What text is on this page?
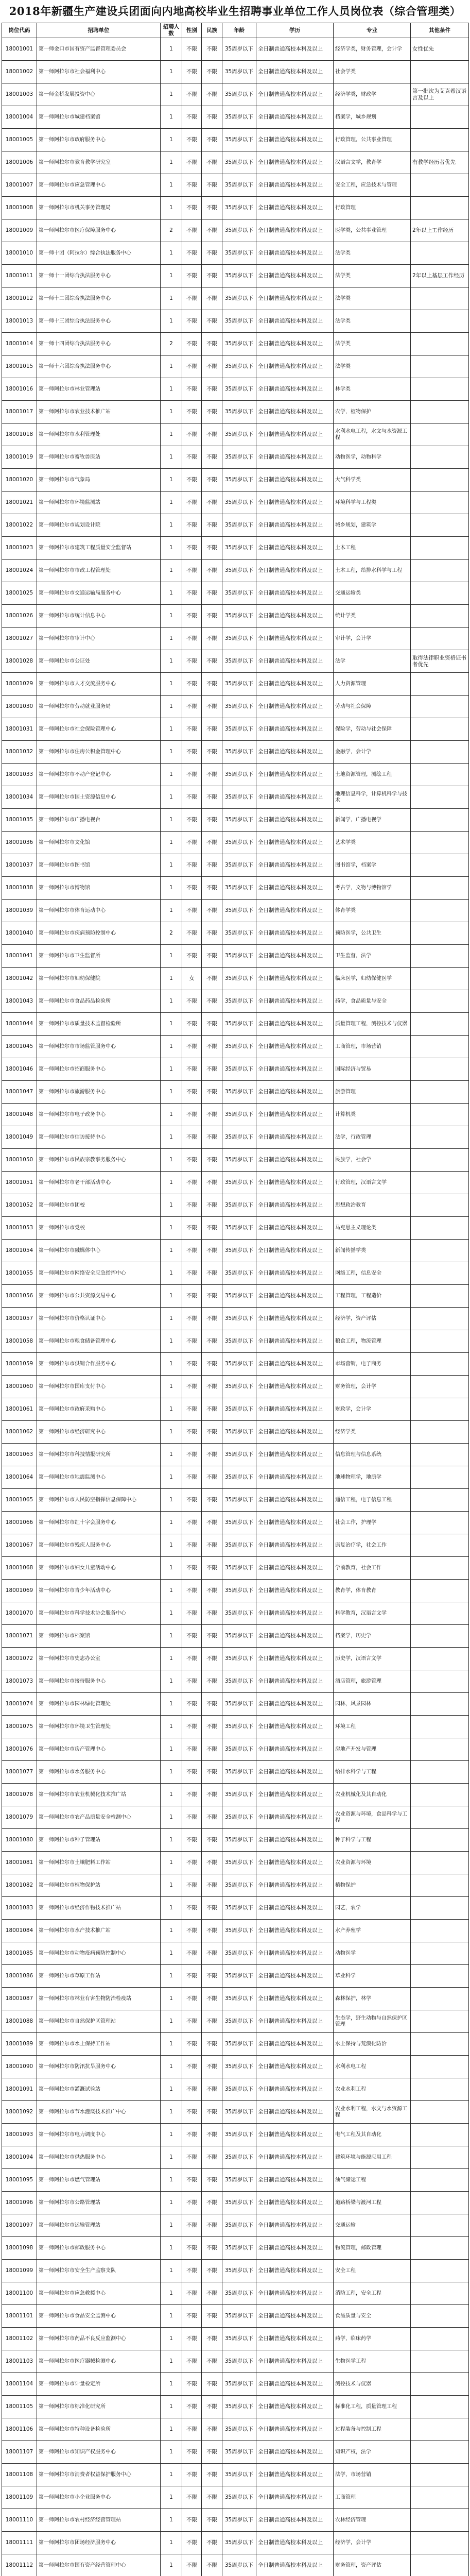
2018年新疆生产建设兵团面向内地高校毕业生招聘事业单位工作人员岗位表（综合管理类）
岗位代码	招聘单位	招聘人数	性别	民族	年龄	学历	专业	其他条件
18001001	第一师金口市国有资产监督管理委员会	1	不限	不限	35周岁以下	全日制普通高校本科及以上	经济学类，财务管理，会计学	女性优先
18001002	第一师阿拉尔市社会福利中心	1	不限	不限	35周岁以下	全日制普通高校本科及以上	社会学类	
18001003	第一师金桥发展投资中心	1	不限	不限	35周岁以下	全日制普通高校本科及以上	经济学类，财政学	第一批次为艾克希汉语言及以上
18001004	第一师阿拉尔市城建档案馆	1	不限	不限	35周岁以下	全日制普通高校本科及以上	档案学，城乡规划	
18001005	第一师阿拉尔市政府服务中心	1	不限	不限	35周岁以下	全日制普通高校本科及以上	行政管理，公共事业管理	
18001006	第一师阿拉尔市教育教学研究室	1	不限	不限	35周岁以下	全日制普通高校本科及以上	汉语言文学，教育学	有教学经历者优先
18001007	第一师阿拉尔市应急管理中心	1	不限	不限	35周岁以下	全日制普通高校本科及以上	安全工程，应急技术与管理	
18001008	第一师阿拉尔市机关事务管理局	1	不限	不限	35周岁以下	全日制普通高校本科及以上	行政管理	
18001009	第一师阿拉尔市医疗保障服务中心	2	不限	不限	35周岁以下	全日制普通高校本科及以上	医学类，公共事业管理	2年以上工作经历
18001010	第一师十团（阿拉尔）综合执法服务中心	1	不限	不限	35周岁以下	全日制普通高校本科及以上	法学类	
18001011	第一师十一团综合执法服务中心	1	不限	不限	35周岁以下	全日制普通高校本科及以上	法学类	2年以上基层工作经历
18001012	第一师十二团综合执法服务中心	1	不限	不限	35周岁以下	全日制普通高校本科及以上	法学类	
18001013	第一师十三团综合执法服务中心	1	不限	不限	35周岁以下	全日制普通高校本科及以上	法学类	
18001014	第一师十四团综合执法服务中心	2	不限	不限	35周岁以下	全日制普通高校本科及以上	法学类	
18001015	第一师十六团综合执法服务中心	1	不限	不限	35周岁以下	全日制普通高校本科及以上	法学类	
18001016	第一师阿拉尔市林业管理站	1	不限	不限	35周岁以下	全日制普通高校本科及以上	林学类	
18001017	第一师阿拉尔市农业技术推广站	1	不限	不限	35周岁以下	全日制普通高校本科及以上	农学，植物保护	
18001018	第一师阿拉尔市水利管理处	1	不限	不限	35周岁以下	全日制普通高校本科及以上	水利水电工程，水文与水资源工程	
18001019	第一师阿拉尔市畜牧兽医站	1	不限	不限	35周岁以下	全日制普通高校本科及以上	动物医学，动物科学	
18001020	第一师阿拉尔市气象局	1	不限	不限	35周岁以下	全日制普通高校本科及以上	大气科学类	
18001021	第一师阿拉尔市环境监测站	1	不限	不限	35周岁以下	全日制普通高校本科及以上	环境科学与工程类	
18001022	第一师阿拉尔市规划设计院	1	不限	不限	35周岁以下	全日制普通高校本科及以上	城乡规划，建筑学	
18001023	第一师阿拉尔市建筑工程质量安全监督站	1	不限	不限	35周岁以下	全日制普通高校本科及以上	土木工程	
18001024	第一师阿拉尔市市政工程管理处	1	不限	不限	35周岁以下	全日制普通高校本科及以上	土木工程，给排水科学与工程	
18001025	第一师阿拉尔市交通运输局服务中心	1	不限	不限	35周岁以下	全日制普通高校本科及以上	交通运输类	
18001026	第一师阿拉尔市统计信息中心	1	不限	不限	35周岁以下	全日制普通高校本科及以上	统计学类	
18001027	第一师阿拉尔市审计中心	1	不限	不限	35周岁以下	全日制普通高校本科及以上	审计学，会计学	
18001028	第一师阿拉尔市公证处	1	不限	不限	35周岁以下	全日制普通高校本科及以上	法学	取得法律职业资格证书者优先
18001029	第一师阿拉尔市人才交流服务中心	1	不限	不限	35周岁以下	全日制普通高校本科及以上	人力资源管理	
18001030	第一师阿拉尔市劳动就业服务局	1	不限	不限	35周岁以下	全日制普通高校本科及以上	劳动与社会保障	
18001031	第一师阿拉尔市社会保险管理中心	1	不限	不限	35周岁以下	全日制普通高校本科及以上	保险学，劳动与社会保障	
18001032	第一师阿拉尔市住房公积金管理中心	1	不限	不限	35周岁以下	全日制普通高校本科及以上	金融学，会计学	
18001033	第一师阿拉尔市不动产登记中心	1	不限	不限	35周岁以下	全日制普通高校本科及以上	土地资源管理，测绘工程	
18001034	第一师阿拉尔市国土资源信息中心	1	不限	不限	35周岁以下	全日制普通高校本科及以上	地理信息科学，计算机科学与技术	
18001035	第一师阿拉尔市广播电视台	1	不限	不限	35周岁以下	全日制普通高校本科及以上	新闻学，广播电视学	
18001036	第一师阿拉尔市文化馆	1	不限	不限	35周岁以下	全日制普通高校本科及以上	艺术学类	
18001037	第一师阿拉尔市图书馆	1	不限	不限	35周岁以下	全日制普通高校本科及以上	图书馆学，档案学	
18001038	第一师阿拉尔市博物馆	1	不限	不限	35周岁以下	全日制普通高校本科及以上	考古学，文物与博物馆学	
18001039	第一师阿拉尔市体育运动中心	1	不限	不限	35周岁以下	全日制普通高校本科及以上	体育学类	
18001040	第一师阿拉尔市疾病预防控制中心	2	不限	不限	35周岁以下	全日制普通高校本科及以上	预防医学，公共卫生	
18001041	第一师阿拉尔市卫生监督所	1	不限	不限	35周岁以下	全日制普通高校本科及以上	卫生监督，法学	
18001042	第一师阿拉尔市妇幼保健院	1	女	不限	35周岁以下	全日制普通高校本科及以上	临床医学，妇幼保健医学	
18001043	第一师阿拉尔市食品药品检验所	1	不限	不限	35周岁以下	全日制普通高校本科及以上	药学，食品质量与安全	
18001044	第一师阿拉尔市质量技术监督检验所	1	不限	不限	35周岁以下	全日制普通高校本科及以上	质量管理工程，测控技术与仪器	
18001045	第一师阿拉尔市市场监管服务中心	1	不限	不限	35周岁以下	全日制普通高校本科及以上	工商管理，市场营销	
18001046	第一师阿拉尔市招商服务中心	1	不限	不限	35周岁以下	全日制普通高校本科及以上	国际经济与贸易	
18001047	第一师阿拉尔市旅游服务中心	1	不限	不限	35周岁以下	全日制普通高校本科及以上	旅游管理	
18001048	第一师阿拉尔市电子政务中心	1	不限	不限	35周岁以下	全日制普通高校本科及以上	计算机类	
18001049	第一师阿拉尔市信访接待中心	1	不限	不限	35周岁以下	全日制普通高校本科及以上	法学，行政管理	
18001050	第一师阿拉尔市民族宗教事务服务中心	1	不限	不限	35周岁以下	全日制普通高校本科及以上	民族学，社会学	
18001051	第一师阿拉尔市老干部活动中心	1	不限	不限	35周岁以下	全日制普通高校本科及以上	行政管理，汉语言文学	
18001052	第一师阿拉尔市团校	1	不限	不限	35周岁以下	全日制普通高校本科及以上	思想政治教育	
18001053	第一师阿拉尔市党校	1	不限	不限	35周岁以下	全日制普通高校本科及以上	马克思主义理论类	
18001054	第一师阿拉尔市融媒体中心	1	不限	不限	35周岁以下	全日制普通高校本科及以上	新闻传播学类	
18001055	第一师阿拉尔市网络安全应急指挥中心	1	不限	不限	35周岁以下	全日制普通高校本科及以上	网络工程，信息安全	
18001056	第一师阿拉尔市公共资源交易中心	1	不限	不限	35周岁以下	全日制普通高校本科及以上	工程管理，工程造价	
18001057	第一师阿拉尔市价格认证中心	1	不限	不限	35周岁以下	全日制普通高校本科及以上	经济学，资产评估	
18001058	第一师阿拉尔市粮食储备管理中心	1	不限	不限	35周岁以下	全日制普通高校本科及以上	粮食工程，物流管理	
18001059	第一师阿拉尔市供销合作服务中心	1	不限	不限	35周岁以下	全日制普通高校本科及以上	市场营销，电子商务	
18001060	第一师阿拉尔市国库支付中心	1	不限	不限	35周岁以下	全日制普通高校本科及以上	财务管理，会计学	
18001061	第一师阿拉尔市政府采购中心	1	不限	不限	35周岁以下	全日制普通高校本科及以上	财政学，会计学	
18001062	第一师阿拉尔市经济研究中心	1	不限	不限	35周岁以下	全日制普通高校本科及以上	经济学类	
18001063	第一师阿拉尔市科技情报研究所	1	不限	不限	35周岁以下	全日制普通高校本科及以上	信息管理与信息系统	
18001064	第一师阿拉尔市地震监测中心	1	不限	不限	35周岁以下	全日制普通高校本科及以上	地球物理学，地质学	
18001065	第一师阿拉尔市人民防空指挥信息保障中心	1	不限	不限	35周岁以下	全日制普通高校本科及以上	通信工程，电子信息工程	
18001066	第一师阿拉尔市红十字会服务中心	1	不限	不限	35周岁以下	全日制普通高校本科及以上	社会工作，护理学	
18001067	第一师阿拉尔市残疾人服务中心	1	不限	不限	35周岁以下	全日制普通高校本科及以上	康复治疗学，社会工作	
18001068	第一师阿拉尔市妇女儿童活动中心	1	不限	不限	35周岁以下	全日制普通高校本科及以上	学前教育，社会工作	
18001069	第一师阿拉尔市青少年活动中心	1	不限	不限	35周岁以下	全日制普通高校本科及以上	教育学，体育教育	
18001070	第一师阿拉尔市科学技术协会服务中心	1	不限	不限	35周岁以下	全日制普通高校本科及以上	科学教育，汉语言文学	
18001071	第一师阿拉尔市档案馆	1	不限	不限	35周岁以下	全日制普通高校本科及以上	档案学，历史学	
18001072	第一师阿拉尔市史志办公室	1	不限	不限	35周岁以下	全日制普通高校本科及以上	历史学，汉语言文学	
18001073	第一师阿拉尔市接待服务中心	1	不限	不限	35周岁以下	全日制普通高校本科及以上	酒店管理，旅游管理	
18001074	第一师阿拉尔市园林绿化管理处	1	不限	不限	35周岁以下	全日制普通高校本科及以上	园林，风景园林	
18001075	第一师阿拉尔市环境卫生管理处	1	不限	不限	35周岁以下	全日制普通高校本科及以上	环境工程	
18001076	第一师阿拉尔市房产管理中心	1	不限	不限	35周岁以下	全日制普通高校本科及以上	房地产开发与管理	
18001077	第一师阿拉尔市水务服务中心	1	不限	不限	35周岁以下	全日制普通高校本科及以上	给排水科学与工程	
18001078	第一师阿拉尔市农业机械化技术推广站	1	不限	不限	35周岁以下	全日制普通高校本科及以上	农业机械化及其自动化	
18001079	第一师阿拉尔市农产品质量安全检测中心	1	不限	不限	35周岁以下	全日制普通高校本科及以上	农业资源与环境，食品科学与工程	
18001080	第一师阿拉尔市种子管理站	1	不限	不限	35周岁以下	全日制普通高校本科及以上	种子科学与工程	
18001081	第一师阿拉尔市土壤肥料工作站	1	不限	不限	35周岁以下	全日制普通高校本科及以上	农业资源与环境	
18001082	第一师阿拉尔市植物保护站	1	不限	不限	35周岁以下	全日制普通高校本科及以上	植物保护	
18001083	第一师阿拉尔市经济作物技术推广站	1	不限	不限	35周岁以下	全日制普通高校本科及以上	园艺，农学	
18001084	第一师阿拉尔市水产技术推广站	1	不限	不限	35周岁以下	全日制普通高校本科及以上	水产养殖学	
18001085	第一师阿拉尔市动物疫病预防控制中心	1	不限	不限	35周岁以下	全日制普通高校本科及以上	动物医学	
18001086	第一师阿拉尔市草原工作站	1	不限	不限	35周岁以下	全日制普通高校本科及以上	草业科学	
18001087	第一师阿拉尔市林业有害生物防治检疫站	1	不限	不限	35周岁以下	全日制普通高校本科及以上	森林保护，林学	
18001088	第一师阿拉尔市自然保护区管理站	1	不限	不限	35周岁以下	全日制普通高校本科及以上	生态学，野生动物与自然保护区管理	
18001089	第一师阿拉尔市水土保持工作站	1	不限	不限	35周岁以下	全日制普通高校本科及以上	水土保持与荒漠化防治	
18001090	第一师阿拉尔市防汛抗旱服务中心	1	不限	不限	35周岁以下	全日制普通高校本科及以上	水利水电工程	
18001091	第一师阿拉尔市灌溉试验站	1	不限	不限	35周岁以下	全日制普通高校本科及以上	农业水利工程	
18001092	第一师阿拉尔市节水灌溉技术推广中心	1	不限	不限	35周岁以下	全日制普通高校本科及以上	农业水利工程，水文与水资源工程	
18001093	第一师阿拉尔市电力调度中心	1	不限	不限	35周岁以下	全日制普通高校本科及以上	电气工程及其自动化	
18001094	第一师阿拉尔市供热服务中心	1	不限	不限	35周岁以下	全日制普通高校本科及以上	建筑环境与能源应用工程	
18001095	第一师阿拉尔市燃气管理站	1	不限	不限	35周岁以下	全日制普通高校本科及以上	油气储运工程	
18001096	第一师阿拉尔市公路管理站	1	不限	不限	35周岁以下	全日制普通高校本科及以上	道路桥梁与渡河工程	
18001097	第一师阿拉尔市运输管理站	1	不限	不限	35周岁以下	全日制普通高校本科及以上	交通运输	
18001098	第一师阿拉尔市邮政服务中心	1	不限	不限	35周岁以下	全日制普通高校本科及以上	物流管理，邮政管理	
18001099	第一师阿拉尔市安全生产监察支队	1	不限	不限	35周岁以下	全日制普通高校本科及以上	安全工程	
18001100	第一师阿拉尔市应急救援中心	1	不限	不限	35周岁以下	全日制普通高校本科及以上	消防工程，安全工程	
18001101	第一师阿拉尔市食品安全监测中心	1	不限	不限	35周岁以下	全日制普通高校本科及以上	食品质量与安全	
18001102	第一师阿拉尔市药品不良反应监测中心	1	不限	不限	35周岁以下	全日制普通高校本科及以上	药学，临床药学	
18001103	第一师阿拉尔市医疗器械检测中心	1	不限	不限	35周岁以下	全日制普通高校本科及以上	生物医学工程	
18001104	第一师阿拉尔市计量检定所	1	不限	不限	35周岁以下	全日制普通高校本科及以上	测控技术与仪器	
18001105	第一师阿拉尔市标准化研究所	1	不限	不限	35周岁以下	全日制普通高校本科及以上	标准化工程，质量管理工程	
18001106	第一师阿拉尔市特种设备检验所	1	不限	不限	35周岁以下	全日制普通高校本科及以上	过程装备与控制工程	
18001107	第一师阿拉尔市知识产权服务中心	1	不限	不限	35周岁以下	全日制普通高校本科及以上	知识产权，法学	
18001108	第一师阿拉尔市消费者权益保护服务中心	1	不限	不限	35周岁以下	全日制普通高校本科及以上	法学，市场营销	
18001109	第一师阿拉尔市小企业服务中心	1	不限	不限	35周岁以下	全日制普通高校本科及以上	工商管理	
18001110	第一师阿拉尔市农村经济经营管理站	1	不限	不限	35周岁以下	全日制普通高校本科及以上	农林经济管理	
18001111	第一师阿拉尔市团场经济服务中心	1	不限	不限	35周岁以下	全日制普通高校本科及以上	经济学，会计学	
18001112	第一师阿拉尔市国有资产经营管理中心	1	不限	不限	35周岁以下	全日制普通高校本科及以上	财务管理，资产评估	
